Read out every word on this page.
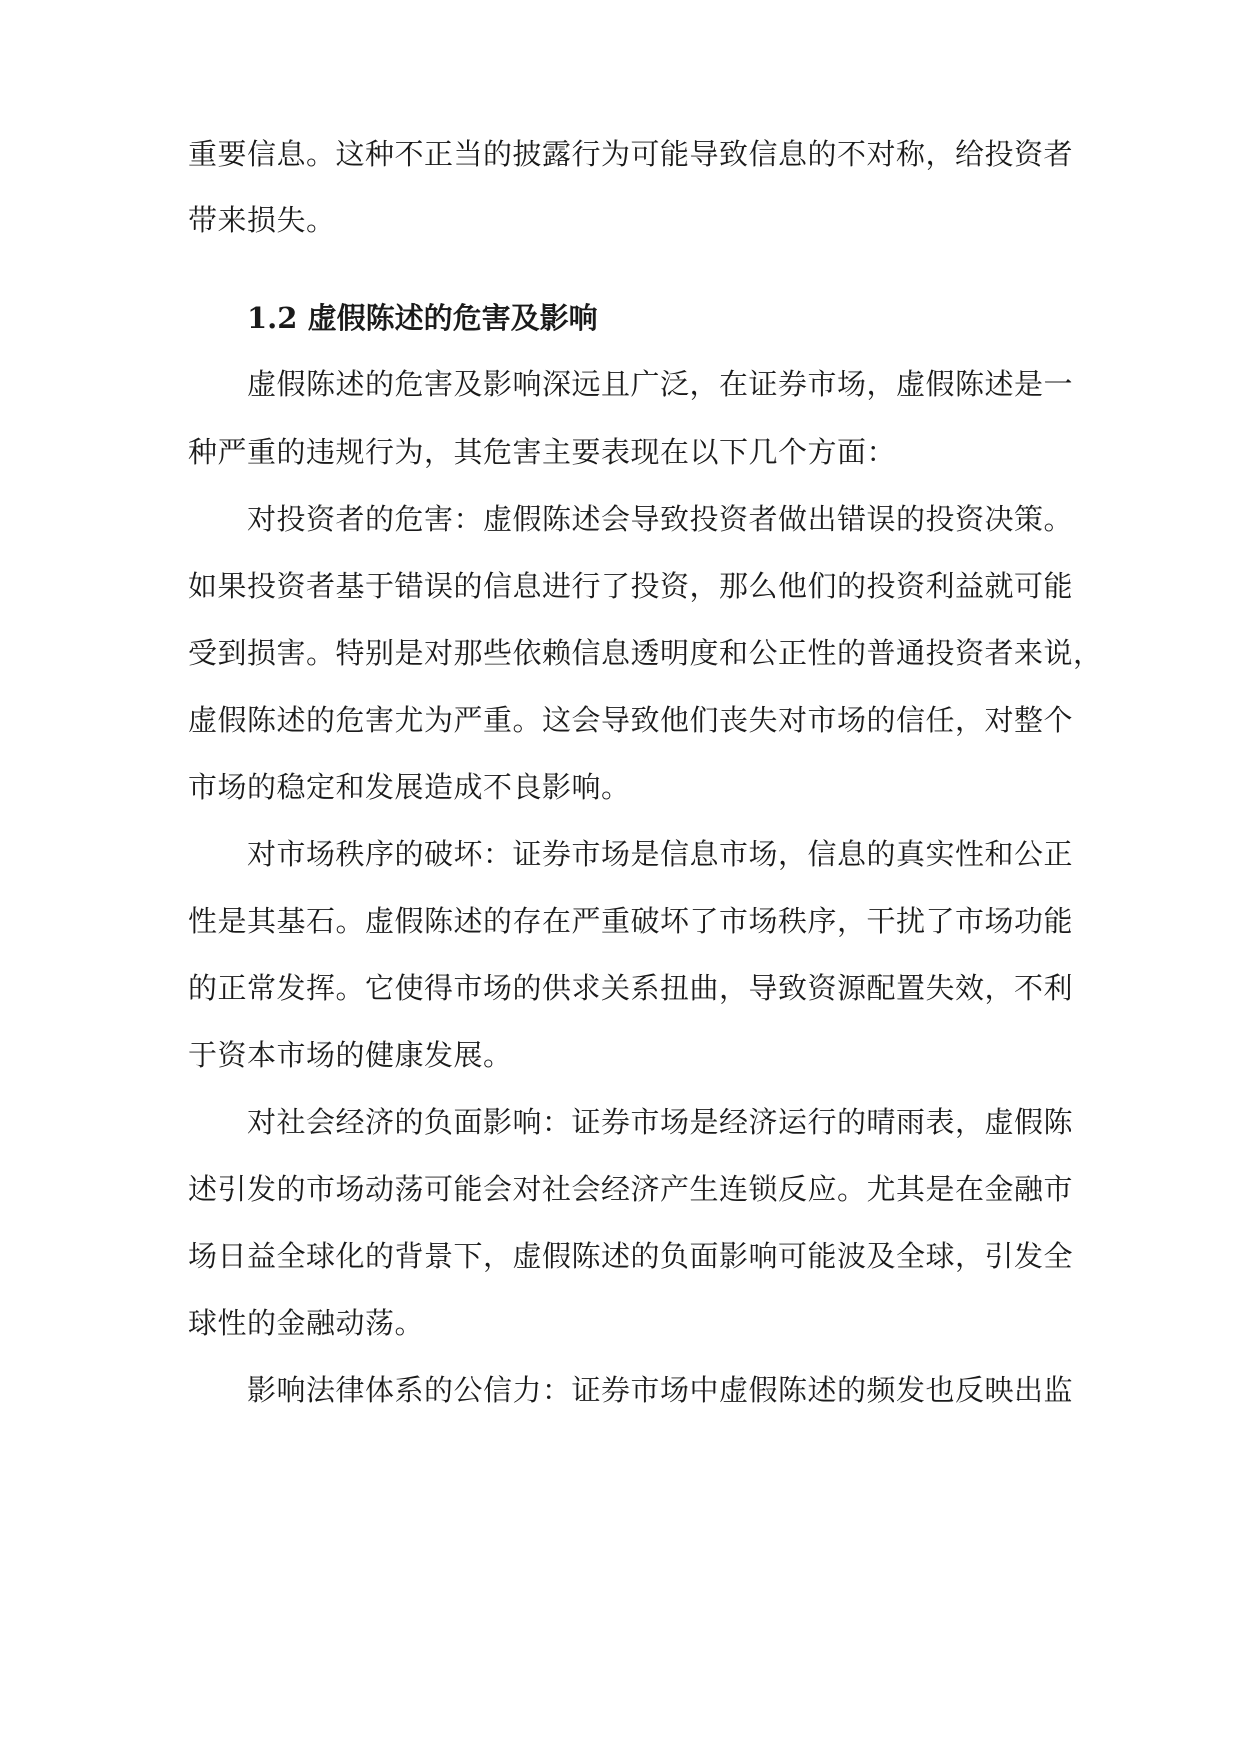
重要信息。这种不正当的披露行为可能导致信息的不对称，给投资者
带来损失。
1.2 虚假陈述的危害及影响
虚假陈述的危害及影响深远且广泛，在证券市场，虚假陈述是一
种严重的违规行为，其危害主要表现在以下几个方面：
对投资者的危害：虚假陈述会导致投资者做出错误的投资决策。
如果投资者基于错误的信息进行了投资，那么他们的投资利益就可能
受到损害。特别是对那些依赖信息透明度和公正性的普通投资者来说，
虚假陈述的危害尤为严重。这会导致他们丧失对市场的信任，对整个
市场的稳定和发展造成不良影响。
对市场秩序的破坏：证券市场是信息市场，信息的真实性和公正
性是其基石。虚假陈述的存在严重破坏了市场秩序，干扰了市场功能
的正常发挥。它使得市场的供求关系扭曲，导致资源配置失效，不利
于资本市场的健康发展。
对社会经济的负面影响：证券市场是经济运行的晴雨表，虚假陈
述引发的市场动荡可能会对社会经济产生连锁反应。尤其是在金融市
场日益全球化的背景下，虚假陈述的负面影响可能波及全球，引发全
球性的金融动荡。
影响法律体系的公信力：证券市场中虚假陈述的频发也反映出监
